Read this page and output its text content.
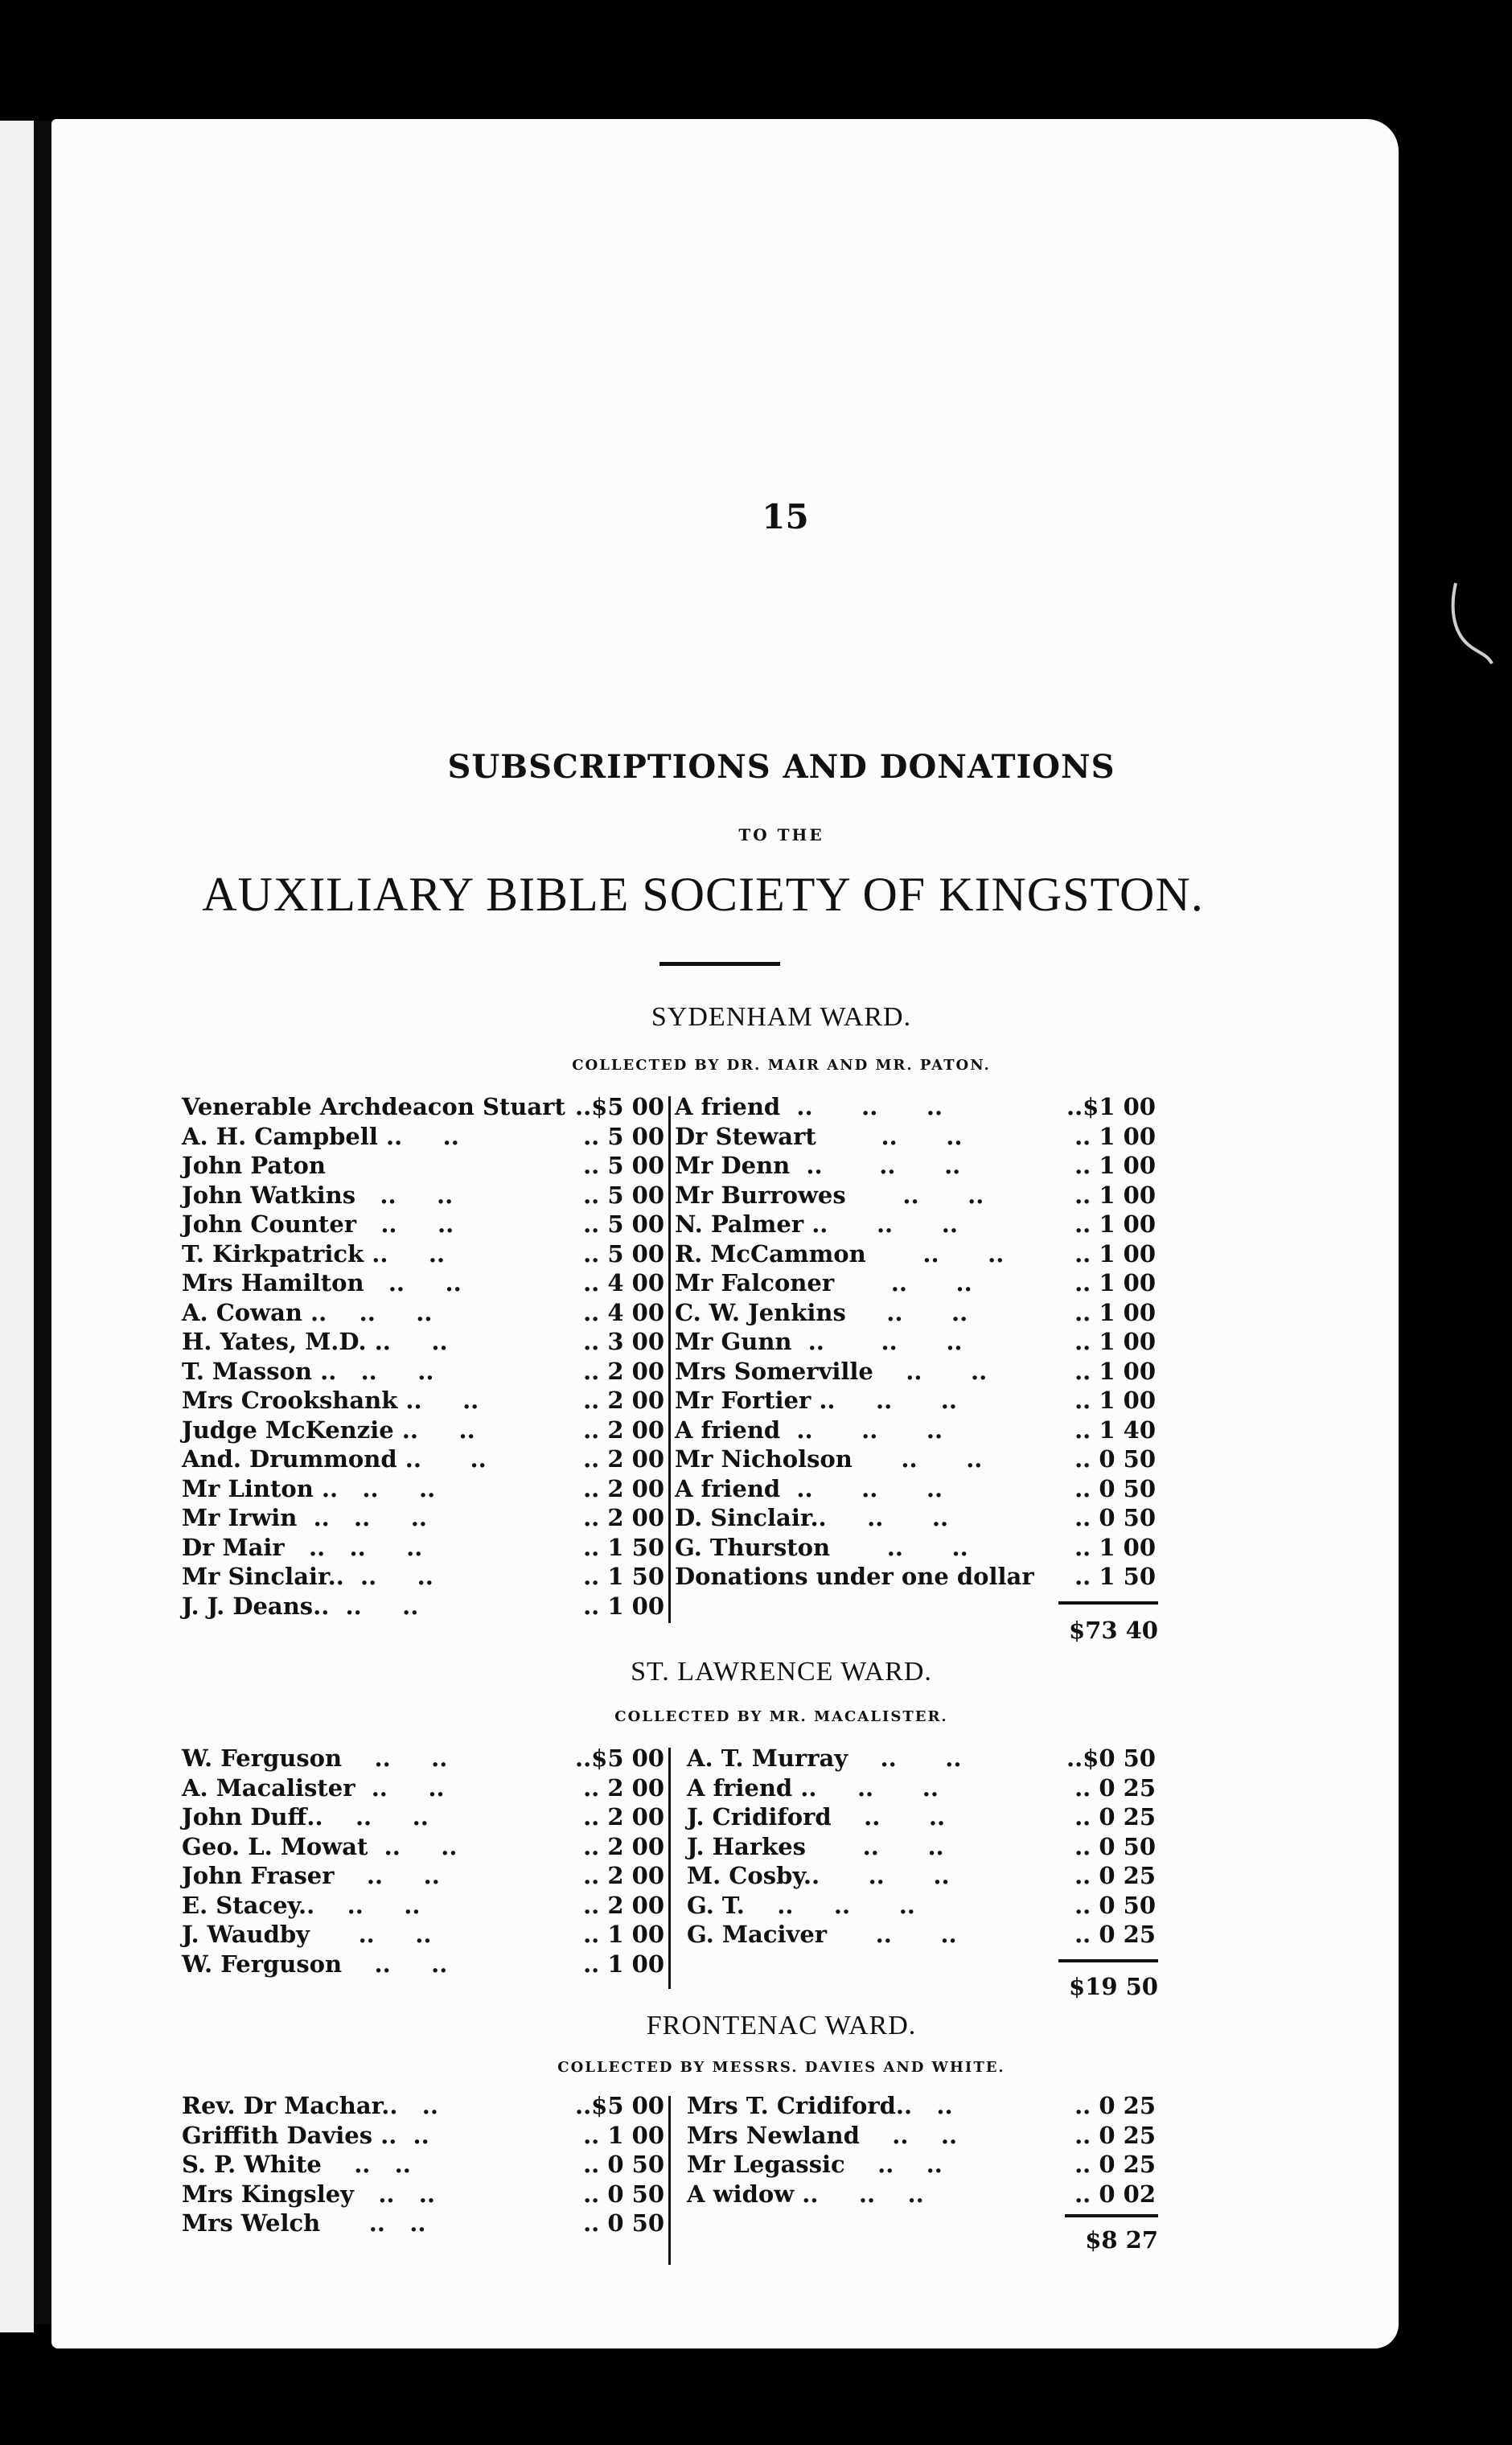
15
SUBSCRIPTIONS AND DONATIONS
TO THE
AUXILIARY BIBLE SOCIETY OF KINGSTON.
SYDENHAM WARD.
COLLECTED BY DR. MAIR AND MR. PATON.
Venerable Archdeacon Stuart ..$5 00
A. H. Campbell ..     ..	.. 5 00
John Paton	.. 5 00
John Watkins   ..     ..	.. 5 00
John Counter   ..     ..	.. 5 00
T. Kirkpatrick ..     ..	.. 5 00
Mrs Hamilton   ..     ..	.. 4 00
A. Cowan ..    ..     ..	.. 4 00
H. Yates, M.D. ..     ..	.. 3 00
T. Masson ..   ..     ..	.. 2 00
Mrs Crookshank ..     ..	.. 2 00
Judge McKenzie ..     ..	.. 2 00
And. Drummond ..      ..	.. 2 00
Mr Linton ..   ..     ..	.. 2 00
Mr Irwin  ..   ..     ..	.. 2 00
Dr Mair   ..   ..     ..	.. 1 50
Mr Sinclair..  ..     ..	.. 1 50
J. J. Deans..  ..     ..	.. 1 00
A friend  ..      ..      ..	..$1 00
Dr Stewart        ..      ..	.. 1 00
Mr Denn  ..       ..      ..	.. 1 00
Mr Burrowes       ..      ..	.. 1 00
N. Palmer ..      ..      ..	.. 1 00
R. McCammon       ..      ..	.. 1 00
Mr Falconer       ..      ..	.. 1 00
C. W. Jenkins     ..      ..	.. 1 00
Mr Gunn  ..       ..      ..	.. 1 00
Mrs Somerville    ..      ..	.. 1 00
Mr Fortier ..     ..      ..	.. 1 00
A friend  ..      ..      ..	.. 1 40
Mr Nicholson      ..      ..	.. 0 50
A friend  ..      ..      ..	.. 0 50
D. Sinclair..     ..      ..	.. 0 50
G. Thurston       ..      ..	.. 1 00
Donations under one dollar .. 1 50
$73 40
ST. LAWRENCE WARD.
COLLECTED BY MR. MACALISTER.
W. Ferguson    ..     ..	..$5 00
A. Macalister  ..     ..	.. 2 00
John Duff..    ..     ..	.. 2 00
Geo. L. Mowat  ..     ..	.. 2 00
John Fraser    ..     ..	.. 2 00
E. Stacey..    ..     ..	.. 2 00
J. Waudby      ..     ..	.. 1 00
W. Ferguson    ..     ..	.. 1 00
A. T. Murray    ..      ..	..$0 50
A friend ..     ..      ..	.. 0 25
J. Cridiford    ..      ..	.. 0 25
J. Harkes       ..      ..	.. 0 50
M. Cosby..      ..      ..	.. 0 25
G. T.    ..     ..      ..	.. 0 50
G. Maciver      ..      ..	.. 0 25
$19 50
FRONTENAC WARD.
COLLECTED BY MESSRS. DAVIES AND WHITE.
Rev. Dr Machar..   ..	..$5 00
Griffith Davies ..  ..	.. 1 00
S. P. White    ..   ..	.. 0 50
Mrs Kingsley   ..   ..	.. 0 50
Mrs Welch      ..   ..	.. 0 50
Mrs T. Cridiford..   ..	.. 0 25
Mrs Newland    ..    ..	.. 0 25
Mr Legassic    ..    ..	.. 0 25
A widow ..     ..    ..	.. 0 02
$8 27
